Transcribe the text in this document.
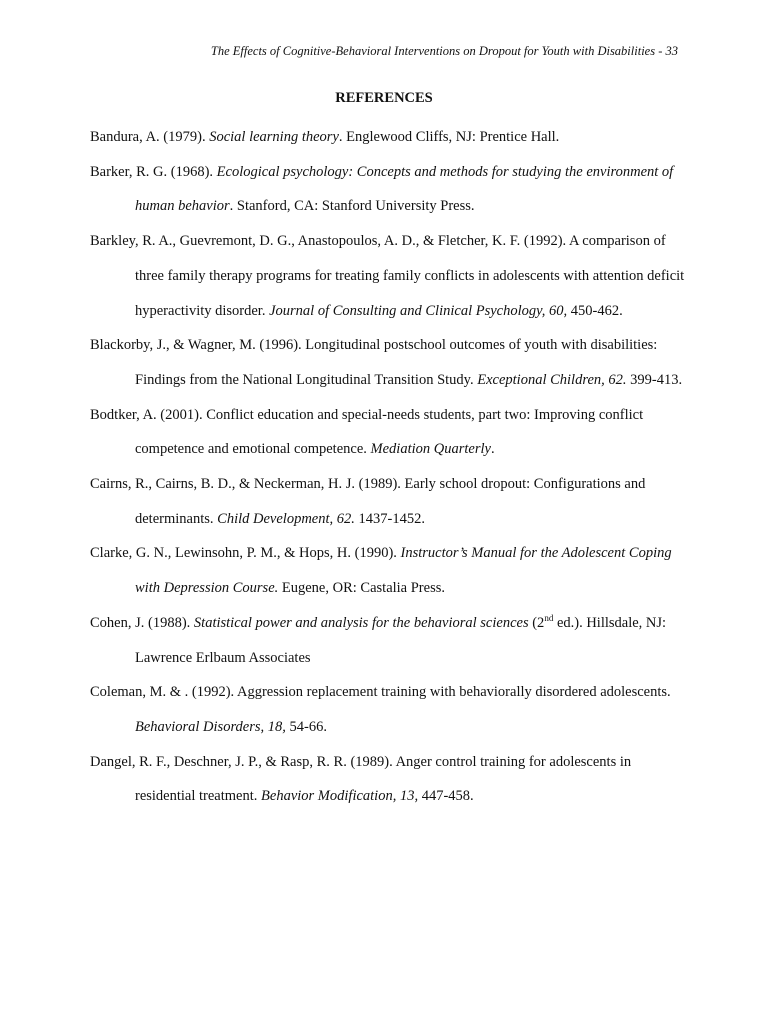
The Effects of Cognitive-Behavioral Interventions on Dropout for Youth with Disabilities - 33
REFERENCES

Bandura, A. (1979). Social learning theory. Englewood Cliffs, NJ: Prentice Hall.

Barker, R. G. (1968). Ecological psychology: Concepts and methods for studying the environment of human behavior. Stanford, CA: Stanford University Press.

Barkley, R. A., Guevremont, D. G., Anastopoulos, A. D., & Fletcher, K. F. (1992). A comparison of three family therapy programs for treating family conflicts in adolescents with attention deficit hyperactivity disorder. Journal of Consulting and Clinical Psychology, 60, 450-462.

Blackorby, J., & Wagner, M. (1996). Longitudinal postschool outcomes of youth with disabilities: Findings from the National Longitudinal Transition Study. Exceptional Children, 62. 399-413.

Bodtker, A. (2001). Conflict education and special-needs students, part two: Improving conflict competence and emotional competence. Mediation Quarterly.

Cairns, R., Cairns, B. D., & Neckerman, H. J. (1989). Early school dropout: Configurations and determinants. Child Development, 62. 1437-1452.

Clarke, G. N., Lewinsohn, P. M., & Hops, H. (1990). Instructor’s Manual for the Adolescent Coping with Depression Course. Eugene, OR: Castalia Press.

Cohen, J. (1988). Statistical power and analysis for the behavioral sciences (2nd ed.). Hillsdale, NJ: Lawrence Erlbaum Associates

Coleman, M. & . (1992). Aggression replacement training with behaviorally disordered adolescents. Behavioral Disorders, 18, 54-66.

Dangel, R. F., Deschner, J. P., & Rasp, R. R. (1989). Anger control training for adolescents in residential treatment. Behavior Modification, 13, 447-458.
